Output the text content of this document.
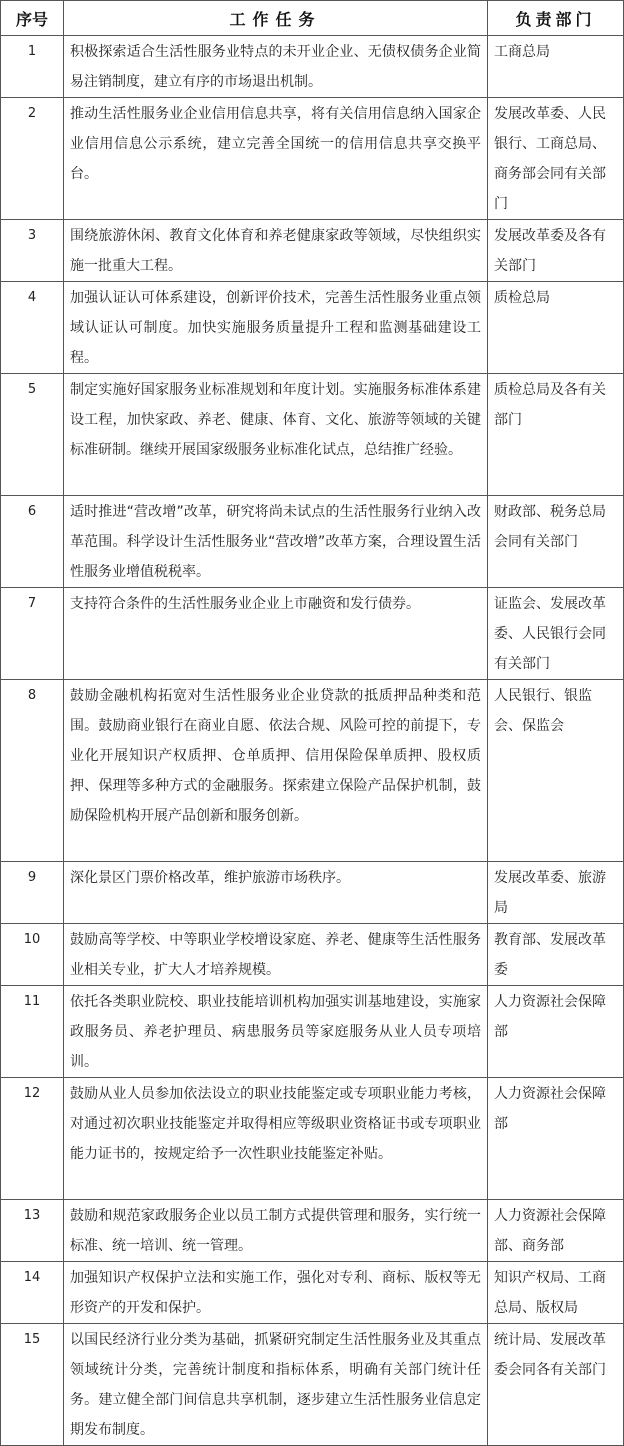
序号	工作任务	负责部门
1	积极探索适合生活性服务业特点的未开业企业、无债权债务企业简易注销制度，建立有序的市场退出机制。	工商总局
2	推动生活性服务业企业信用信息共享，将有关信用信息纳入国家企业信用信息公示系统，建立完善全国统一的信用信息共享交换平台。	发展改革委、人民银行、工商总局、商务部会同有关部门
3	围绕旅游休闲、教育文化体育和养老健康家政等领域，尽快组织实施一批重大工程。	发展改革委及各有关部门
4	加强认证认可体系建设，创新评价技术，完善生活性服务业重点领域认证认可制度。加快实施服务质量提升工程和监测基础建设工程。	质检总局
5	制定实施好国家服务业标准规划和年度计划。实施服务标准体系建设工程，加快家政、养老、健康、体育、文化、旅游等领域的关键标准研制。继续开展国家级服务业标准化试点，总结推广经验。	质检总局及各有关部门
6	适时推进“营改增”改革，研究将尚未试点的生活性服务行业纳入改革范围。科学设计生活性服务业“营改增”改革方案，合理设置生活性服务业增值税税率。	财政部、税务总局会同有关部门
7	支持符合条件的生活性服务业企业上市融资和发行债券。	证监会、发展改革委、人民银行会同有关部门
8	鼓励金融机构拓宽对生活性服务业企业贷款的抵质押品种类和范围。鼓励商业银行在商业自愿、依法合规、风险可控的前提下，专业化开展知识产权质押、仓单质押、信用保险保单质押、股权质押、保理等多种方式的金融服务。探索建立保险产品保护机制，鼓励保险机构开展产品创新和服务创新。	人民银行、银监会、保监会
9	深化景区门票价格改革，维护旅游市场秩序。	发展改革委、旅游局
10	鼓励高等学校、中等职业学校增设家庭、养老、健康等生活性服务业相关专业，扩大人才培养规模。	教育部、发展改革委
11	依托各类职业院校、职业技能培训机构加强实训基地建设，实施家政服务员、养老护理员、病患服务员等家庭服务从业人员专项培训。	人力资源社会保障部
12	鼓励从业人员参加依法设立的职业技能鉴定或专项职业能力考核，对通过初次职业技能鉴定并取得相应等级职业资格证书或专项职业能力证书的，按规定给予一次性职业技能鉴定补贴。	人力资源社会保障部
13	鼓励和规范家政服务企业以员工制方式提供管理和服务，实行统一标准、统一培训、统一管理。	人力资源社会保障部、商务部
14	加强知识产权保护立法和实施工作，强化对专利、商标、版权等无形资产的开发和保护。	知识产权局、工商总局、版权局
15	以国民经济行业分类为基础，抓紧研究制定生活性服务业及其重点领域统计分类，完善统计制度和指标体系，明确有关部门统计任务。建立健全部门间信息共享机制，逐步建立生活性服务业信息定期发布制度。	统计局、发展改革委会同各有关部门
